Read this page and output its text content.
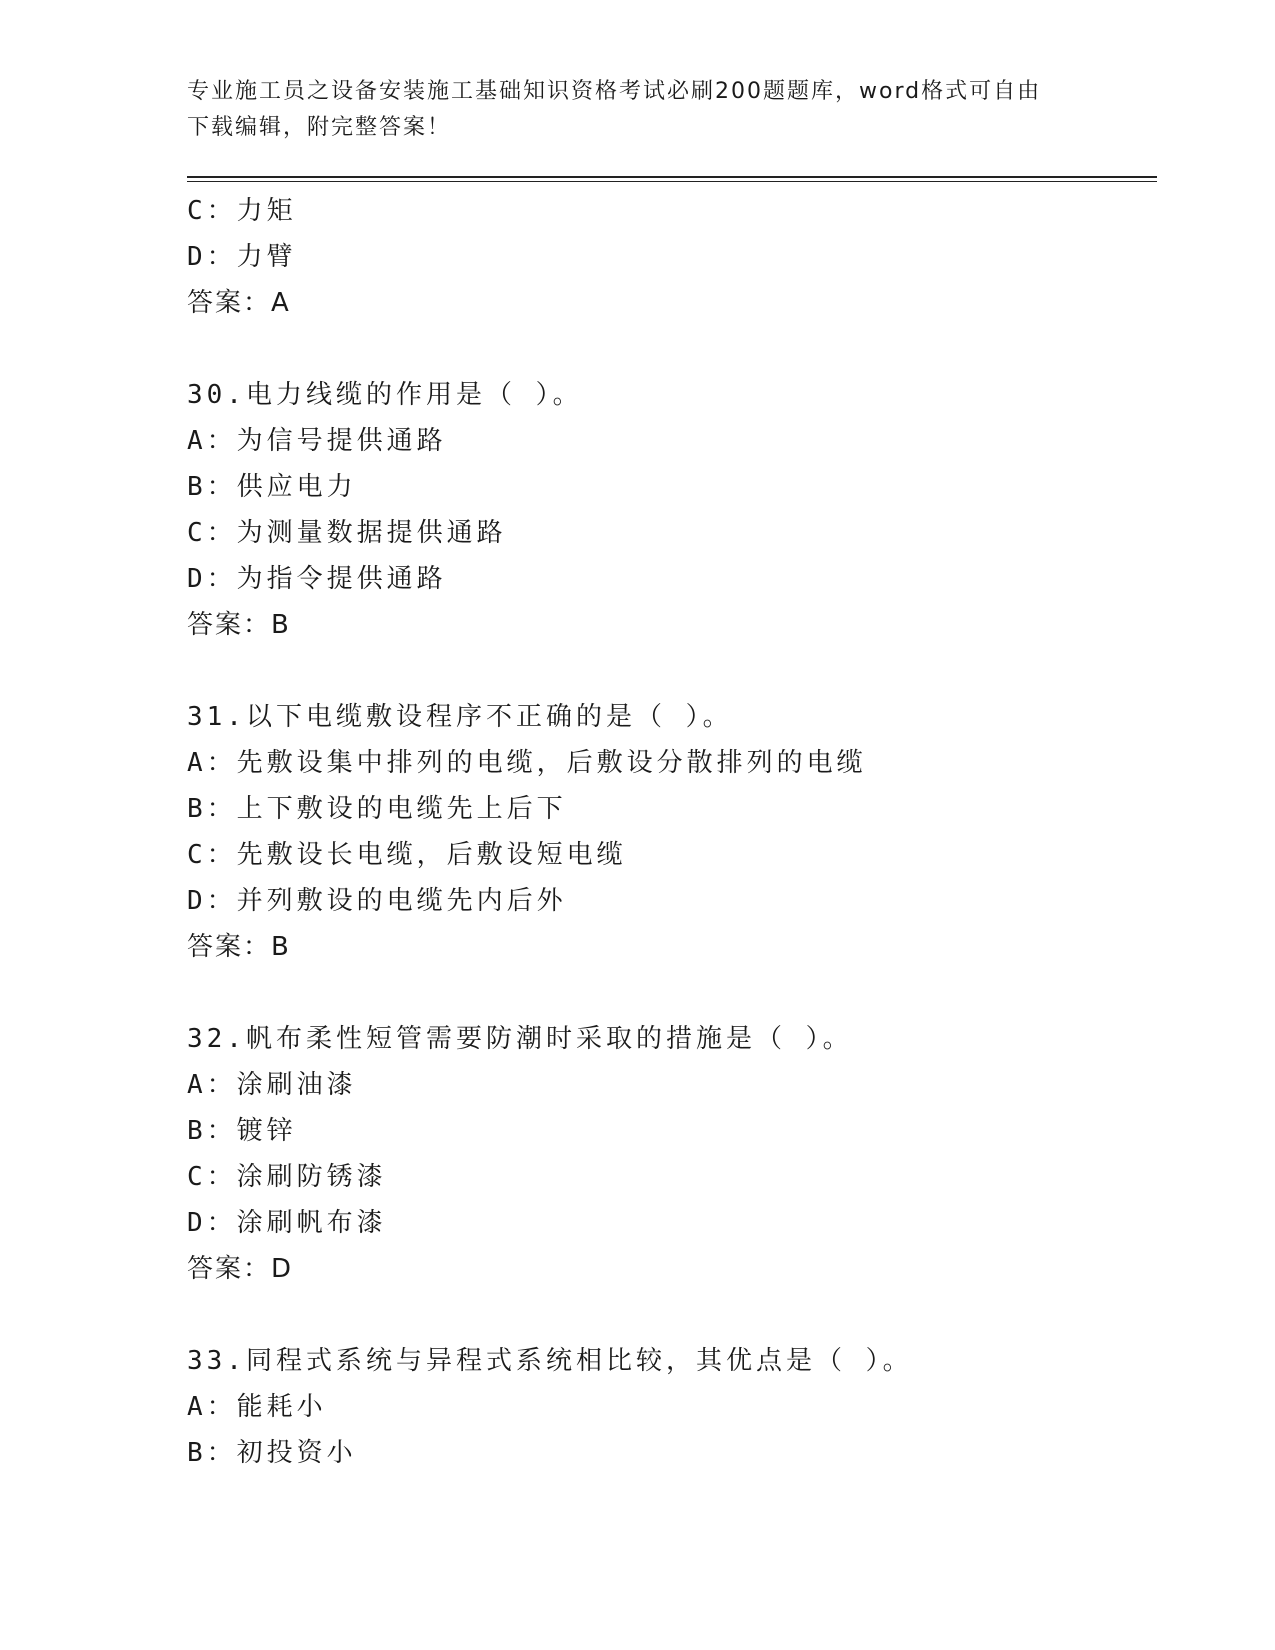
专业施工员之设备安装施工基础知识资格考试必刷200题题库，word格式可自由
下载编辑，附完整答案！
C：力矩
D：力臂
答案：A
30.电力线缆的作用是（ ）。
A：为信号提供通路
B：供应电力
C：为测量数据提供通路
D：为指令提供通路
答案：B
31.以下电缆敷设程序不正确的是（ ）。
A：先敷设集中排列的电缆，后敷设分散排列的电缆
B：上下敷设的电缆先上后下
C：先敷设长电缆，后敷设短电缆
D：并列敷设的电缆先内后外
答案：B
32.帆布柔性短管需要防潮时采取的措施是（ ）。
A：涂刷油漆
B：镀锌
C：涂刷防锈漆
D：涂刷帆布漆
答案：D
33.同程式系统与异程式系统相比较，其优点是（ ）。
A：能耗小
B：初投资小
